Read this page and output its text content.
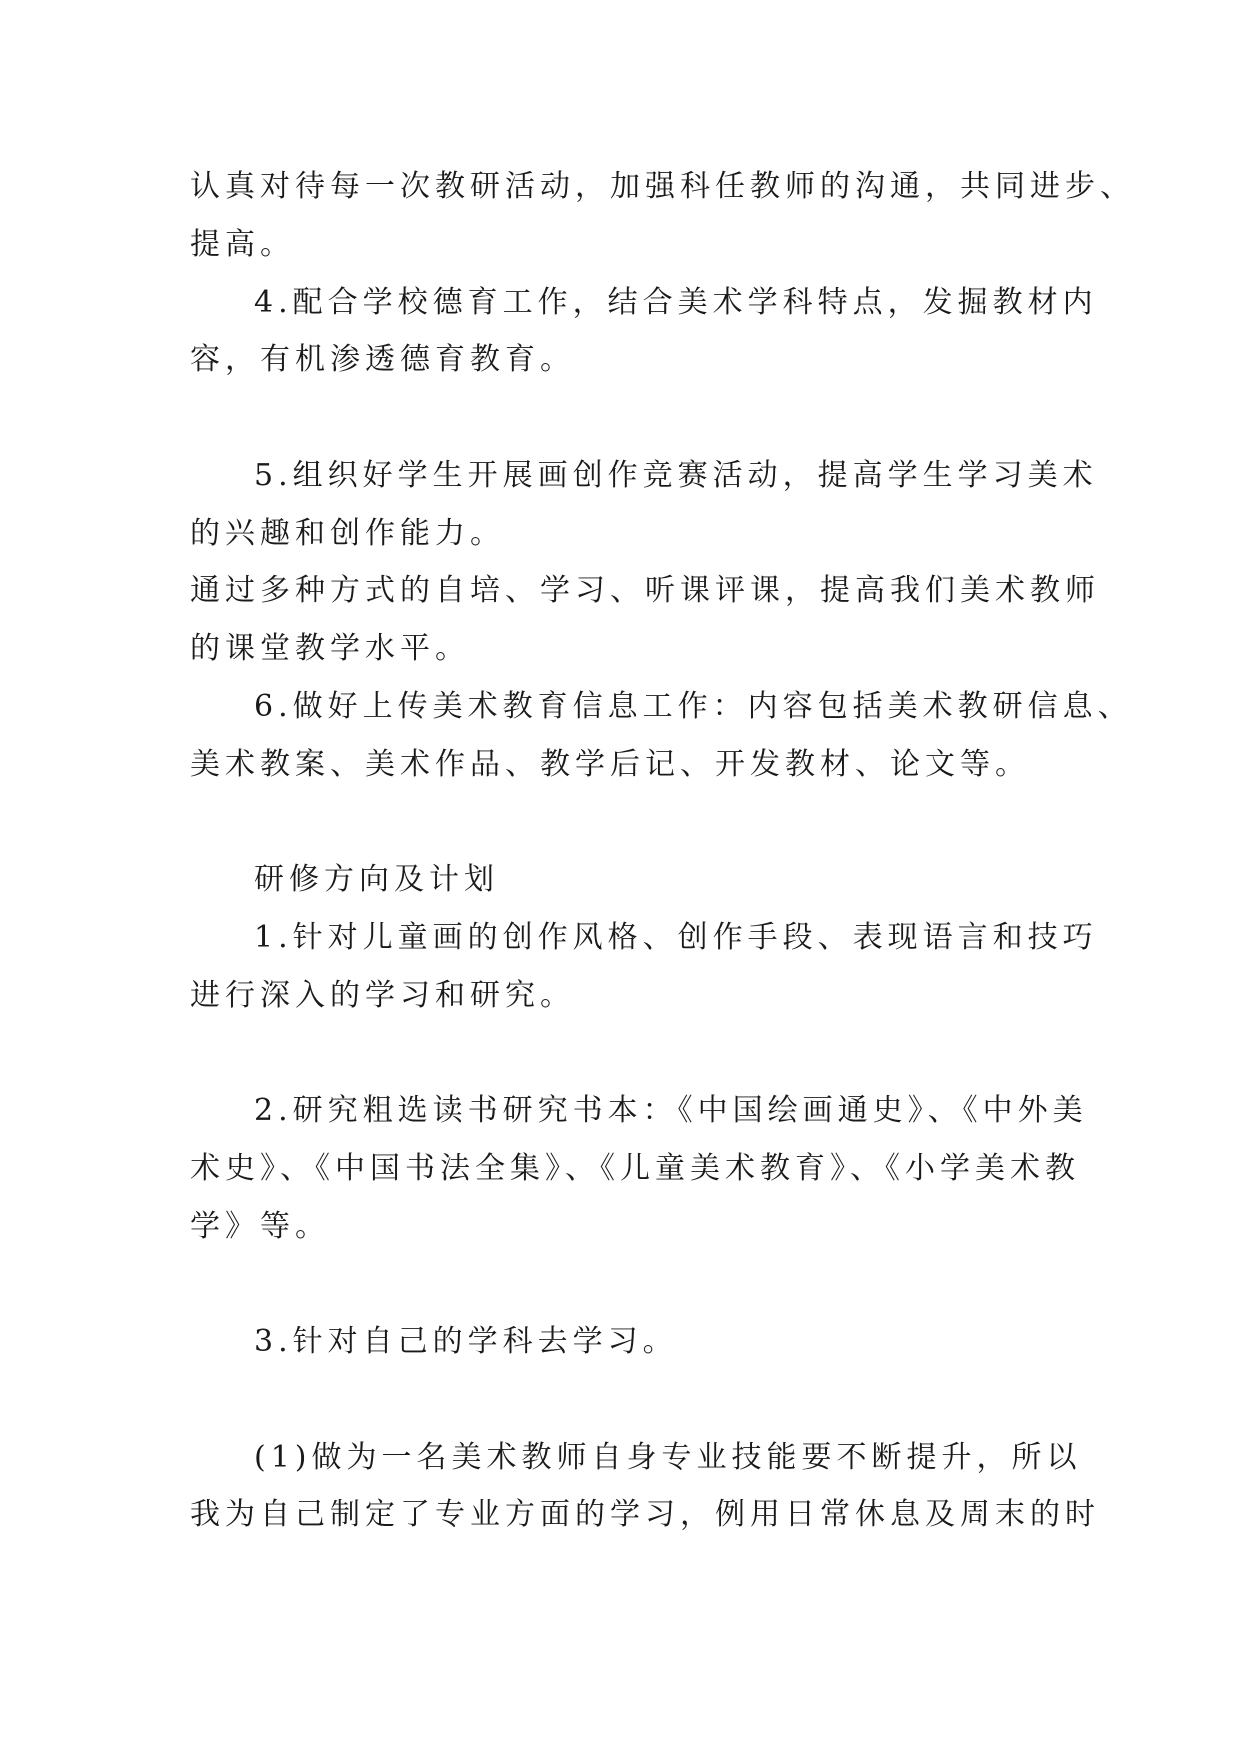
认真对待每一次教研活动，加强科任教师的沟通，共同进步、
提高。
4.配合学校德育工作，结合美术学科特点，发掘教材内
容，有机渗透德育教育。
5.组织好学生开展画创作竞赛活动，提高学生学习美术
的兴趣和创作能力。
通过多种方式的自培、学习、听课评课，提高我们美术教师
的课堂教学水平。
6.做好上传美术教育信息工作：内容包括美术教研信息、
美术教案、美术作品、教学后记、开发教材、论文等。
研修方向及计划
1.针对儿童画的创作风格、创作手段、表现语言和技巧
进行深入的学习和研究。
2.研究粗选读书研究书本：《中国绘画通史》、《中外美
术史》、《中国书法全集》、《儿童美术教育》、《小学美术教
学》等。
3.针对自己的学科去学习。
(1)做为一名美术教师自身专业技能要不断提升，所以
我为自己制定了专业方面的学习，例用日常休息及周末的时
